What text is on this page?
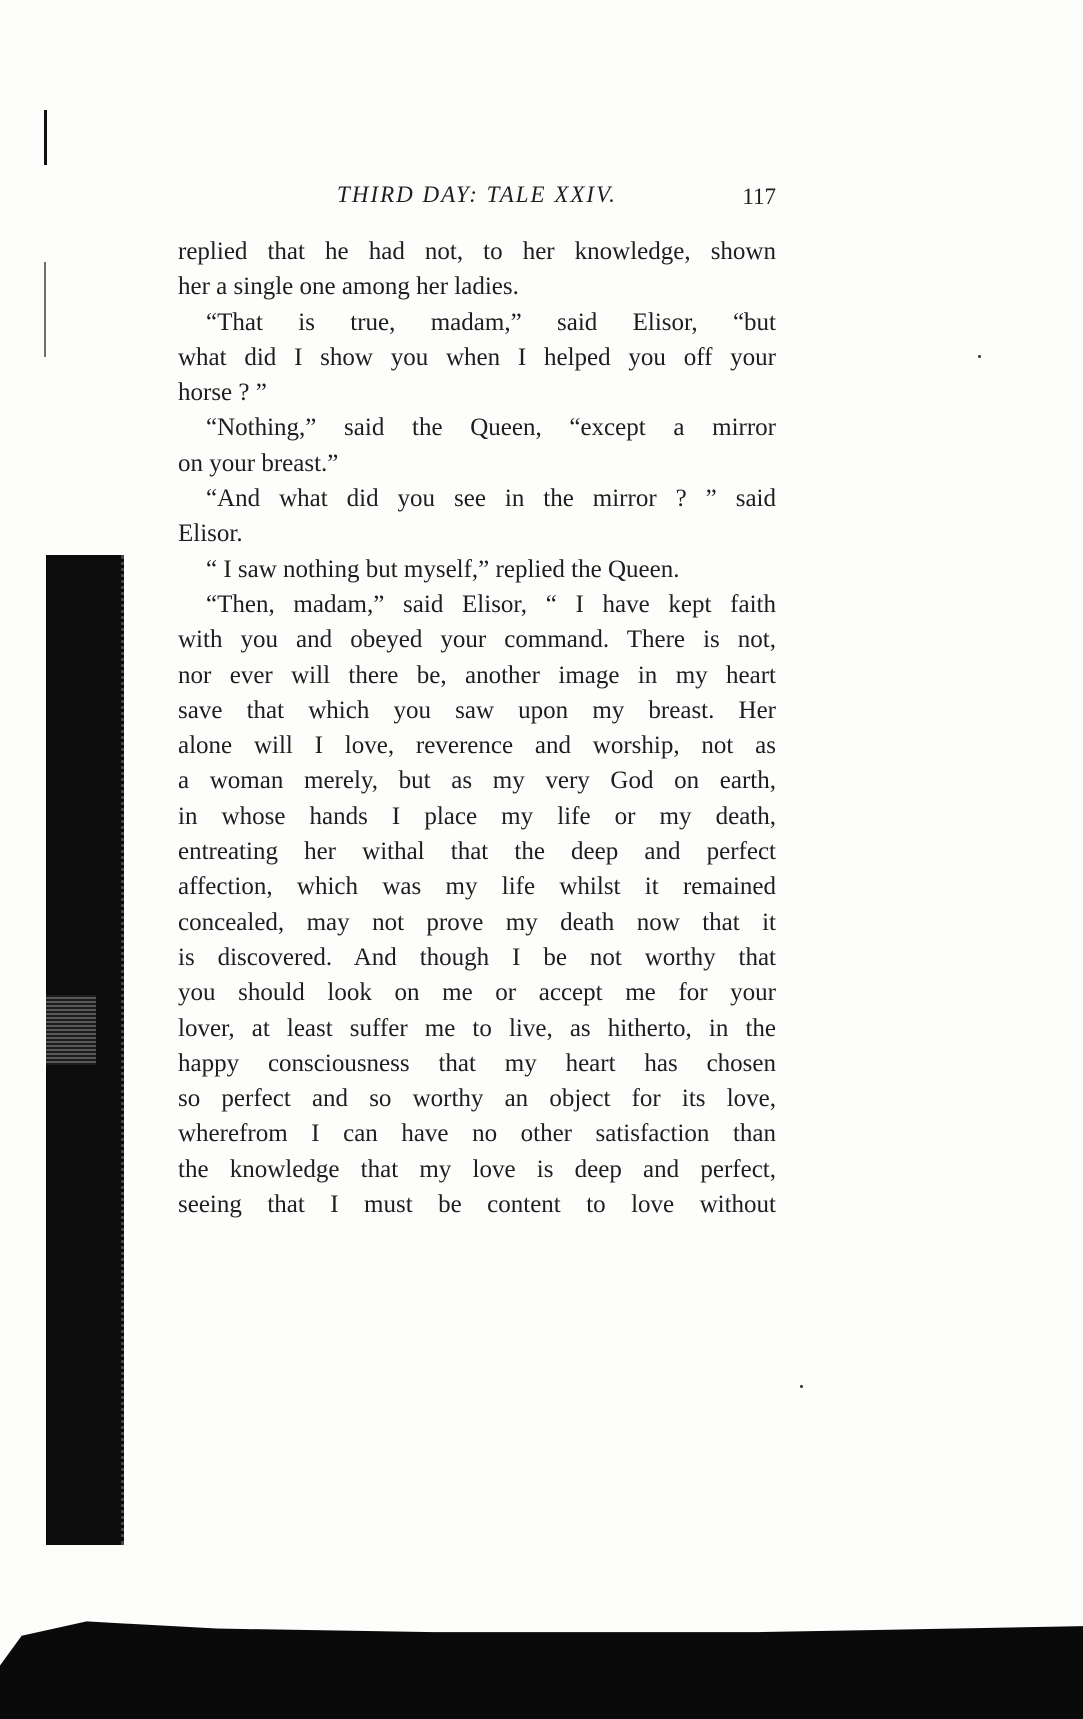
THIRD DAY: TALE XXIV.	117
replied that he had not, to her knowledge, shown
her a single one among her ladies.
“That is true, madam,” said Elisor, “but
what did I show you when I helped you off your
horse ? ”
“Nothing,” said the Queen, “except a mirror
on your breast.”
“And what did you see in the mirror ? ” said
Elisor.
“ I saw nothing but myself,” replied the Queen.
“Then, madam,” said Elisor, “ I have kept faith
with you and obeyed your command. There is not,
nor ever will there be, another image in my heart
save that which you saw upon my breast. Her
alone will I love, reverence and worship, not as
a woman merely, but as my very God on earth,
in whose hands I place my life or my death,
entreating her withal that the deep and perfect
affection, which was my life whilst it remained
concealed, may not prove my death now that it
is discovered. And though I be not worthy that
you should look on me or accept me for your
lover, at least suffer me to live, as hitherto, in the
happy consciousness that my heart has chosen
so perfect and so worthy an object for its love,
wherefrom I can have no other satisfaction than
the knowledge that my love is deep and perfect,
seeing that I must be content to love without
